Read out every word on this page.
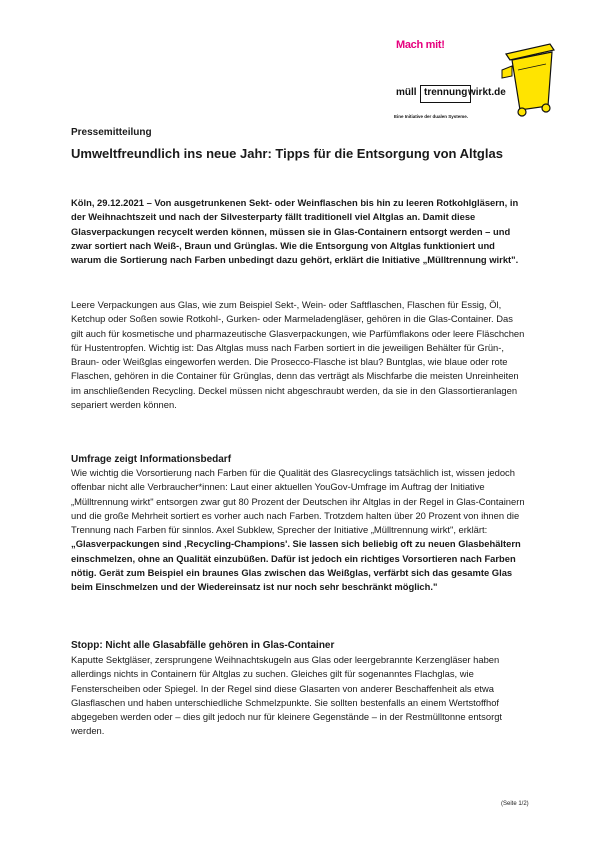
Mach mit!
müll trennung wirkt.de
Eine Initiative der dualen Systeme.
Pressemitteilung
Umweltfreundlich ins neue Jahr: Tipps für die Entsorgung von Altglas

Köln, 29.12.2021 – Von ausgetrunkenen Sekt- oder Weinflaschen bis hin zu leeren Rotkohlgläsern, in der Weihnachtszeit und nach der Silvesterparty fällt traditionell viel Altglas an. Damit diese Glasverpackungen recycelt werden können, müssen sie in Glas-Containern entsorgt werden – und zwar sortiert nach Weiß-, Braun und Grünglas. Wie die Entsorgung von Altglas funktioniert und warum die Sortierung nach Farben unbedingt dazu gehört, erklärt die Initiative „Mülltrennung wirkt".

Leere Verpackungen aus Glas, wie zum Beispiel Sekt-, Wein- oder Saftflaschen, Flaschen für Essig, Öl, Ketchup oder Soßen sowie Rotkohl-, Gurken- oder Marmeladengläser, gehören in die Glas-Container. Das gilt auch für kosmetische und pharmazeutische Glasverpackungen, wie Parfümflakons oder leere Fläschchen für Hustentropfen. Wichtig ist: Das Altglas muss nach Farben sortiert in die jeweiligen Behälter für Grün-, Braun- oder Weißglas eingeworfen werden. Die Prosecco-Flasche ist blau? Buntglas, wie blaue oder rote Flaschen, gehören in die Container für Grünglas, denn das verträgt als Mischfarbe die meisten Unreinheiten im anschließenden Recycling. Deckel müssen nicht abgeschraubt werden, da sie in den Glassortieranlagen separiert werden können.

Umfrage zeigt Informationsbedarf

Wie wichtig die Vorsortierung nach Farben für die Qualität des Glasrecyclings tatsächlich ist, wissen jedoch offenbar nicht alle Verbraucher*innen: Laut einer aktuellen YouGov-Umfrage im Auftrag der Initiative „Mülltrennung wirkt" entsorgen zwar gut 80 Prozent der Deutschen ihr Altglas in der Regel in Glas-Containern und die große Mehrheit sortiert es vorher auch nach Farben. Trotzdem halten über 20 Prozent von ihnen die Trennung nach Farben für sinnlos. Axel Subklew, Sprecher der Initiative „Mülltrennung wirkt", erklärt: „Glasverpackungen sind ‚Recycling-Champions'. Sie lassen sich beliebig oft zu neuen Glasbehältern einschmelzen, ohne an Qualität einzubüßen. Dafür ist jedoch ein richtiges Vorsortieren nach Farben nötig. Gerät zum Beispiel ein braunes Glas zwischen das Weißglas, verfärbt sich das gesamte Glas beim Einschmelzen und der Wiedereinsatz ist nur noch sehr beschränkt möglich."

Stopp: Nicht alle Glasabfälle gehören in Glas-Container

Kaputte Sektgläser, zersprungene Weihnachtskugeln aus Glas oder leergebrannte Kerzengläser haben allerdings nichts in Containern für Altglas zu suchen. Gleiches gilt für sogenanntes Flachglas, wie Fensterscheiben oder Spiegel. In der Regel sind diese Glasarten von anderer Beschaffenheit als etwa Glasflaschen und haben unterschiedliche Schmelzpunkte. Sie sollten bestenfalls an einem Wertstoffhof abgegeben werden oder – dies gilt jedoch nur für kleinere Gegenstände – in der Restmülltonne entsorgt werden.

(Seite 1/2)
